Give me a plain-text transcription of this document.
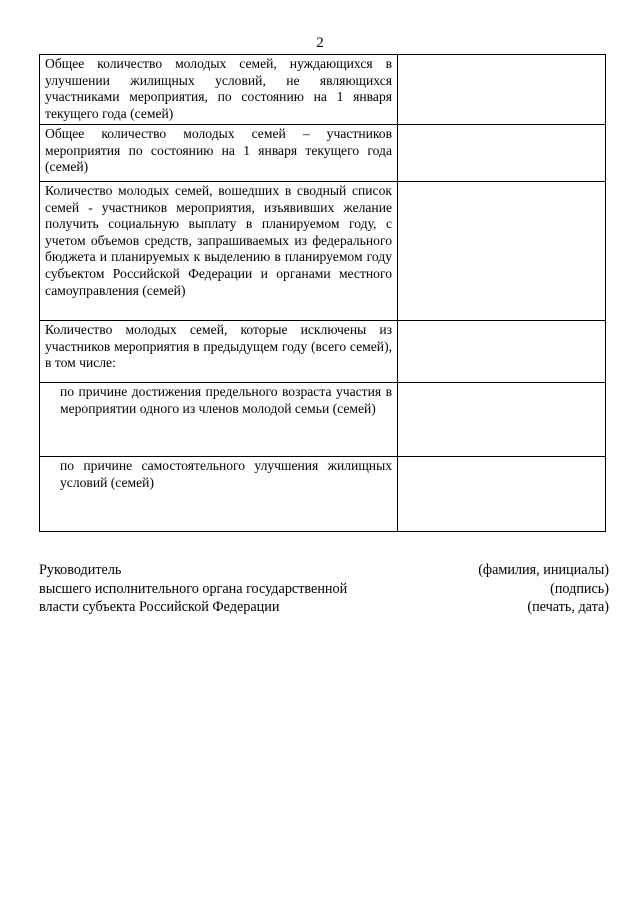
2
Общее количество молодых семей, нуждающихся в улучшении жилищных условий, не являющихся участниками мероприятия, по состоянию на 1 января текущего года (семей)	

Общее количество молодых семей – участников мероприятия по состоянию на 1 января текущего года (семей)	

Количество молодых семей, вошедших в сводный список семей - участников мероприятия, изъявивших желание получить социальную выплату в планируемом году, с учетом объемов средств, запрашиваемых из федерального бюджета и планируемых к выделению в планируемом году субъектом Российской Федерации и органами местного самоуправления (семей)	

Количество молодых семей, которые исключены из участников мероприятия в предыдущем году (всего семей), в том числе:	

по причине достижения предельного возраста участия в мероприятии одного из членов молодой семьи (семей)	

по причине самостоятельного улучшения жилищных условий (семей)	

Руководитель	(фамилия, инициалы)
высшего исполнительного органа государственной	(подпись)
власти субъекта Российской Федерации	(печать, дата)
